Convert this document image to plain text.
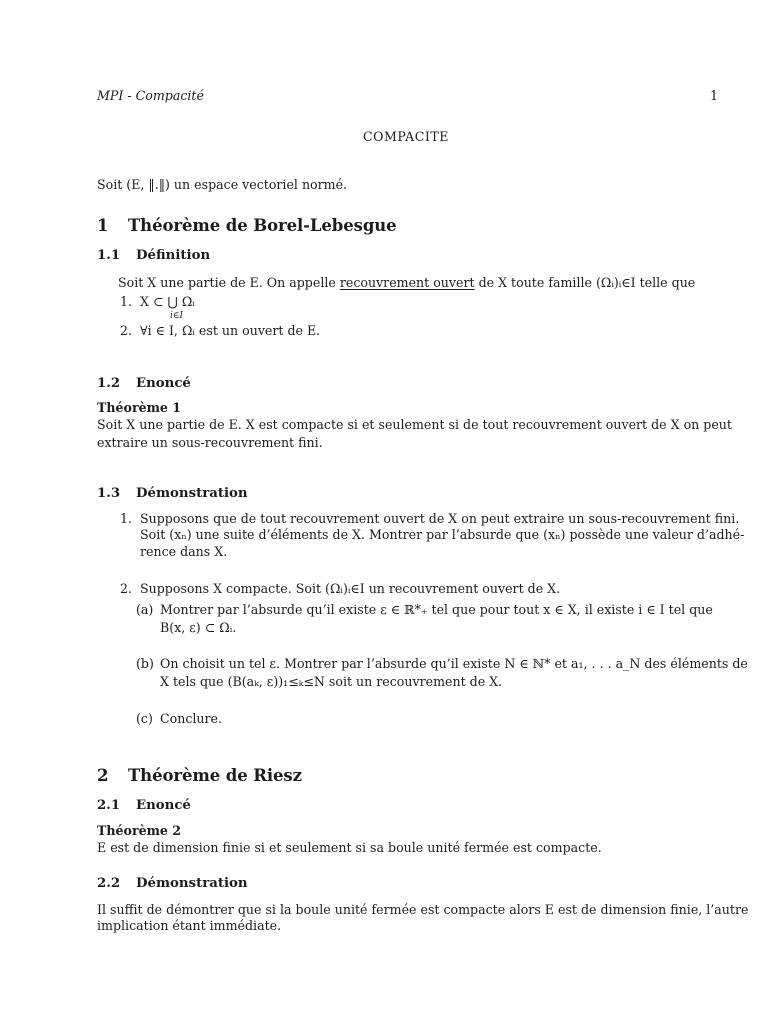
MPI - Compacité	1
COMPACITE
Soit (E, ‖.‖) un espace vectoriel normé.
1 Théorème de Borel-Lebesgue
1.1 Définition
Soit X une partie de E. On appelle recouvrement ouvert de X toute famille (Ωᵢ)ᵢ∈I telle que
1. X ⊂ ⋃ Ωᵢ
i∈I
2. ∀i ∈ I, Ωᵢ est un ouvert de E.
1.2 Enoncé
Théorème 1
Soit X une partie de E. X est compacte si et seulement si de tout recouvrement ouvert de X on peut
extraire un sous-recouvrement fini.
1.3 Démonstration
1. Supposons que de tout recouvrement ouvert de X on peut extraire un sous-recouvrement fini.
Soit (xₙ) une suite d’éléments de X. Montrer par l’absurde que (xₙ) possède une valeur d’adhé-
rence dans X.
2. Supposons X compacte. Soit (Ωᵢ)ᵢ∈I un recouvrement ouvert de X.
(a) Montrer par l’absurde qu’il existe ε ∈ ℝ*₊ tel que pour tout x ∈ X, il existe i ∈ I tel que
B(x, ε) ⊂ Ωᵢ.
(b) On choisit un tel ε. Montrer par l’absurde qu’il existe N ∈ ℕ* et a₁, . . . a_N des éléments de
X tels que (B(aₖ, ε))₁≤ₖ≤N soit un recouvrement de X.
(c) Conclure.
2 Théorème de Riesz
2.1 Enoncé
Théorème 2
E est de dimension finie si et seulement si sa boule unité fermée est compacte.
2.2 Démonstration
Il suffit de démontrer que si la boule unité fermée est compacte alors E est de dimension finie, l’autre
implication étant immédiate.
